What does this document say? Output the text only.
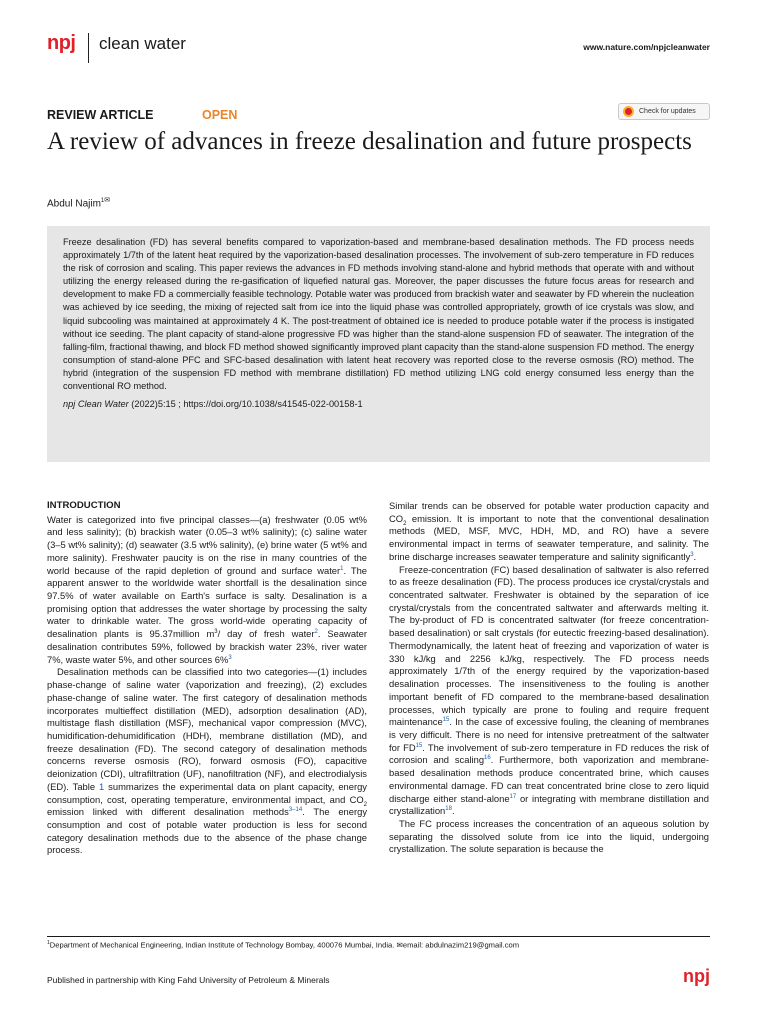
npj clean water	www.nature.com/npjcleanwater
REVIEW ARTICLE	OPEN	Check for updates
A review of advances in freeze desalination and future prospects
Abdul Najim$^{1✉}$

Freeze desalination (FD) has several benefits compared to vaporization-based and membrane-based desalination methods. The FD process needs approximately 1/7th of the latent heat required by the vaporization-based desalination processes. The involvement of sub-zero temperature in FD reduces the risk of corrosion and scaling. This paper reviews the advances in FD methods involving stand-alone and hybrid methods that operate with and without utilizing the energy released during the re-gasification of liquefied natural gas. Moreover, the paper discusses the future focus areas for research and development to make FD a commercially feasible technology. Potable water was produced from brackish water and seawater by FD wherein the nucleation was achieved by ice seeding, the mixing of rejected salt from ice into the liquid phase was controlled appropriately, growth of ice crystals was slow, and liquid subcooling was maintained at approximately 4 K. The post-treatment of obtained ice is needed to produce potable water if the process is instigated without ice seeding. The plant capacity of stand-alone progressive FD was higher than the stand-alone suspension FD of seawater. The integration of the falling-film, fractional thawing, and block FD method showed significantly improved plant capacity than the stand-alone suspension FD method. The energy consumption of stand-alone PFC and SFC-based desalination with latent heat recovery was reported close to the reverse osmosis (RO) method. The hybrid (integration of the suspension FD method with membrane distillation) FD method utilizing LNG cold energy consumed less energy than the conventional RO method.

npj Clean Water (2022)5:15 ; https://doi.org/10.1038/s41545-022-00158-1

INTRODUCTION

Water is categorized into five principal classes—(a) freshwater (0.05 wt% and less salinity); (b) brackish water (0.05–3 wt% salinity); (c) saline water (3–5 wt% salinity); (d) seawater (3.5 wt% salinity), (e) brine water (5 wt% and more salinity). Freshwater paucity is on the rise in many countries of the world because of the rapid depletion of ground and surface water$^1$. The apparent answer to the worldwide water shortfall is the desalination since 97.5% of water available on Earth's surface is salty. Desalination is a promising option that addresses the water shortage by processing the salty water to drinkable water. The gross world-wide operating capacity of desalination plants is 95.37million $m^3/$ day of fresh water$^2$. Seawater desalination contributes 59%, followed by brackish water 23%, river water 7%, waste water 5%, and other sources 6%$^3$

Desalination methods can be classified into two categories—(1) includes phase-change of saline water (vaporization and freezing), (2) excludes phase-change of saline water. The first category of desalination methods incorporates multieffect distillation (MED), adsorption desalination (AD), multistage flash distillation (MSF), mechanical vapor compression (MVC), humidification-dehumidification (HDH), membrane distillation (MD), and freeze desalination (FD). The second category of desalination methods concerns reverse osmosis (RO), forward osmosis (FO), capacitive deionization (CDI), ultrafiltration (UF), nanofiltration (NF), and electrodialysis (ED). Table 1 summarizes the experimental data on plant capacity, energy consumption, cost, operating temperature, environmental impact, and $CO_2$ emission linked with different desalination methods$^{3-14}$. The energy consumption and cost of potable water production is less for second category desalination methods due to the absence of the phase change process.

Similar trends can be observed for potable water production capacity and $CO_2$ emission. It is important to note that the conventional desalination methods (MED, MSF, MVC, HDH, MD, and RO) have a severe environmental impact in terms of seawater temperature, and salinity. The brine discharge increases seawater temperature and salinity significantly$^3$.

Freeze-concentration (FC) based desalination of saltwater is also referred to as freeze desalination (FD). The process produces ice crystal/crystals and concentrated saltwater. Freshwater is obtained by the separation of ice crystal/crystals from the concentrated saltwater and afterwards melting it. The by-product of FD is concentrated saltwater (for freeze concentration-based desalination) or salt crystals (for eutectic freezing-based desalination). Thermodynamically, the latent heat of freezing and vaporization of water is 330 kJ/kg and 2256 kJ/kg, respectively. The FD process needs approximately 1/7th of the energy required by the vaporization-based desalination processes. The insensitiveness to the fouling is another important benefit of FD compared to the membrane-based desalination processes, which typically are prone to fouling and require frequent maintenance$^{15}$. In the case of excessive fouling, the cleaning of membranes is very difficult. There is no need for intensive pretreatment of the saltwater for FD$^{15}$. The involvement of sub-zero temperature in FD reduces the risk of corrosion and scaling$^{16}$. Furthermore, both vaporization and membrane-based desalination methods produce concentrated brine, which causes environmental damage. FD can treat concentrated brine close to zero liquid discharge either stand-alone$^{17}$ or integrating with membrane distillation and crystallization$^{18}$.

The FC process increases the concentration of an aqueous solution by separating the dissolved solute from ice into the liquid, undergoing crystallization. The solute separation is because the

$^1$Department of Mechanical Engineering, Indian Institute of Technology Bombay, 400076 Mumbai, India. ✉email: abdulnazim219@gmail.com
Published in partnership with King Fahd University of Petroleum & Minerals	npj
